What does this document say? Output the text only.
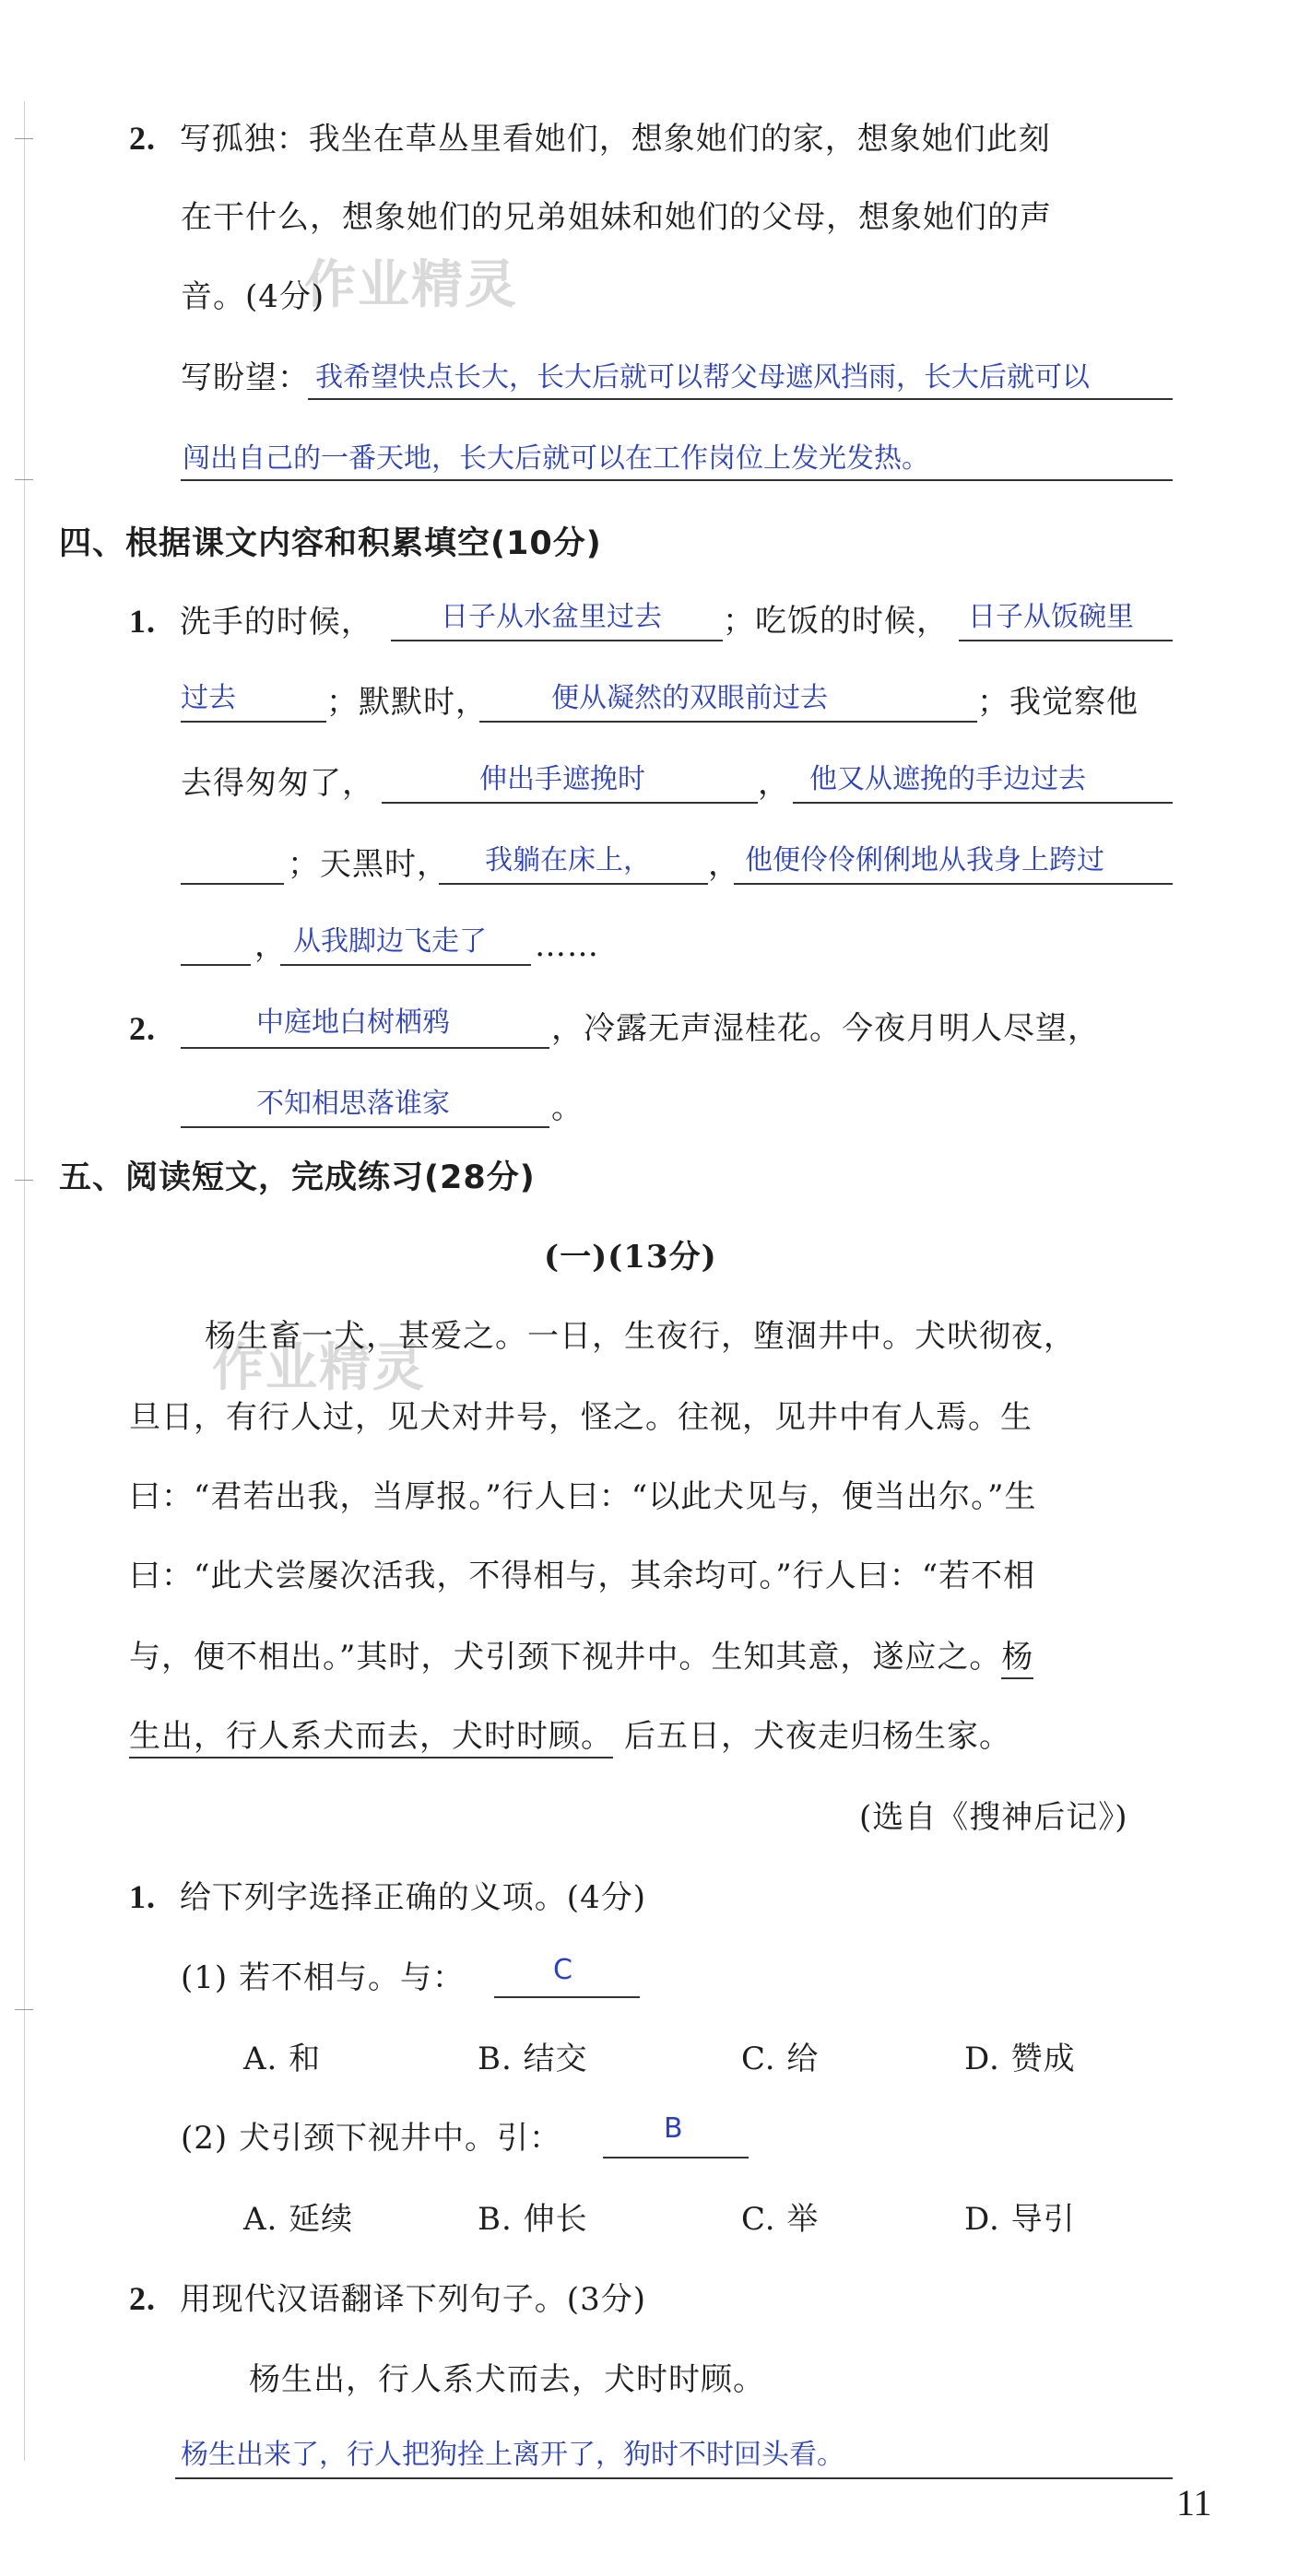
作业精灵
作业精灵
2. 写孤独：我坐在草丛里看她们，想象她们的家，想象她们此刻
在干什么，想象她们的兄弟姐妹和她们的父母，想象她们的声
音。(4分)
写盼望： 我希望快点长大，长大后就可以帮父母遮风挡雨，长大后就可以
闯出自己的一番天地，长大后就可以在工作岗位上发光发热。
四、根据课文内容和积累填空(10分)
1. 洗手的时候， 日子从水盆里过去 ；吃饭的时候， 日子从饭碗里
过去	；默默时， 便从凝然的双眼前过去	；我觉察他
去得匆匆了，	伸出手遮挽时	， 他又从遮挽的手边过去
；天黑时， 我躺在床上， ， 他便伶伶俐俐地从我身上跨过
， 从我脚边飞走了 ……
2.	中庭地白树栖鸦	，冷露无声湿桂花。今夜月明人尽望，
不知相思落谁家	。
五、阅读短文，完成练习(28分)
(一)(13分)
杨生畜一犬，甚爱之。一日，生夜行，堕涸井中。犬吠彻夜，
旦日，有行人过，见犬对井号，怪之。往视，见井中有人焉。生
曰：“君若出我，当厚报。”行人曰：“以此犬见与，便当出尔。”生
曰：“此犬尝屡次活我，不得相与，其余均可。”行人曰：“若不相
与，便不相出。”其时，犬引颈下视井中。生知其意，遂应之。杨
生出，行人系犬而去，犬时时顾。 后五日，犬夜走归杨生家。
(选自《搜神后记》)
1. 给下列字选择正确的义项。(4分)
(1) 若不相与。与：	C
A. 和	B. 结交	C. 给	D. 赞成
(2) 犬引颈下视井中。引：	B
A. 延续	B. 伸长	C. 举	D. 导引
2. 用现代汉语翻译下列句子。(3分)
杨生出，行人系犬而去，犬时时顾。
杨生出来了，行人把狗拴上离开了，狗时不时回头看。
11
